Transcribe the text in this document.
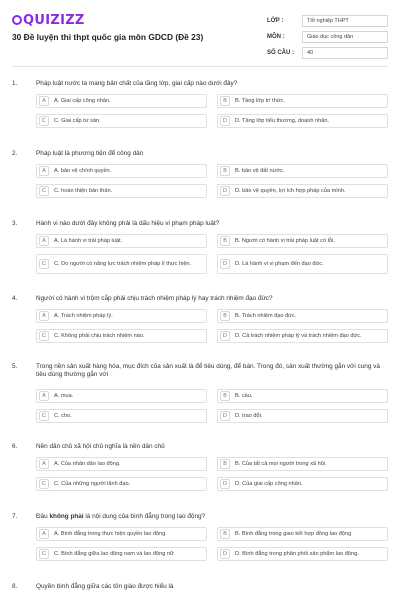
QUIZIZZ
30 Đề luyện thi thpt quốc gia môn GDCD (Đề 23)
LỚP :	Tốt nghiệp THPT
MÔN :	Giáo dục công dân
SỐ CÂU :	40
1.	Pháp luật nước ta mang bản chất của tầng lớp, giai cấp nào dưới đây?
A	A. Giai cấp công nhân.	B	B. Tầng lớp trí thức.
C	C. Giai cấp tư sản.	D	D. Tầng lớp tiểu thương, doanh nhân.
2.	Pháp luật là phương tiện để công dân
A	A. bảo vệ chính quyền.	B	B. bảo vệ đất nước.
C	C. hoàn thiện bản thân.	D	D. bảo vệ quyền, lợi ích hợp pháp của mình.
3.	Hành vi nào dưới đây không phải là dấu hiệu vi phạm pháp luật?
A	A. Là hành vi trái pháp luật.	B	B. Người có hành vi trái pháp luật có lỗi.
C	C. Do người có năng lực trách nhiệm pháp lí thực hiện.	D	D. Là hành vi vi phạm đến đạo đức.
4.	Người có hành vi trộm cắp phải chịu trách nhiệm pháp lý hay trách nhiệm đạo đức?
A	A. Trách nhiệm pháp lý.	B	B. Trách nhiệm đạo đức.
C	C. Không phải chịu trách nhiệm nào.	D	D. Cả trách nhiệm pháp lý và trách nhiệm đạo đức.
5.	Trong nền sản xuất hàng hóa, mục đích của sản xuất là để tiêu dùng, để bán. Trong đó, sản xuất thường gắn với cung và tiêu dùng thường gắn với
A	A. mua.	B	B. cầu.
C	C. cho.	D	D. trao đổi.
6.	Nền dân chủ xã hội chủ nghĩa là nền dân chủ
A	A. Của nhân dân lao động.	B	B. Của tất cả mọi người trong xã hội.
C	C. Của những người lãnh đạo.	D	D. Của giai cấp công nhân.
7.	Đâu không phải là nội dung của bình đẳng trong lao động?
A	A. Bình đẳng trong thực hiện quyền lao động	B	B. Bình đẳng trong giao kết hợp đồng lao động
C	C. Bình đẳng giữa lao động nam và lao động nữ	D	D. Bình đẳng trong phân phối sản phẩm lao động.
8.	Quyền bình đẳng giữa các tôn giáo được hiểu là
